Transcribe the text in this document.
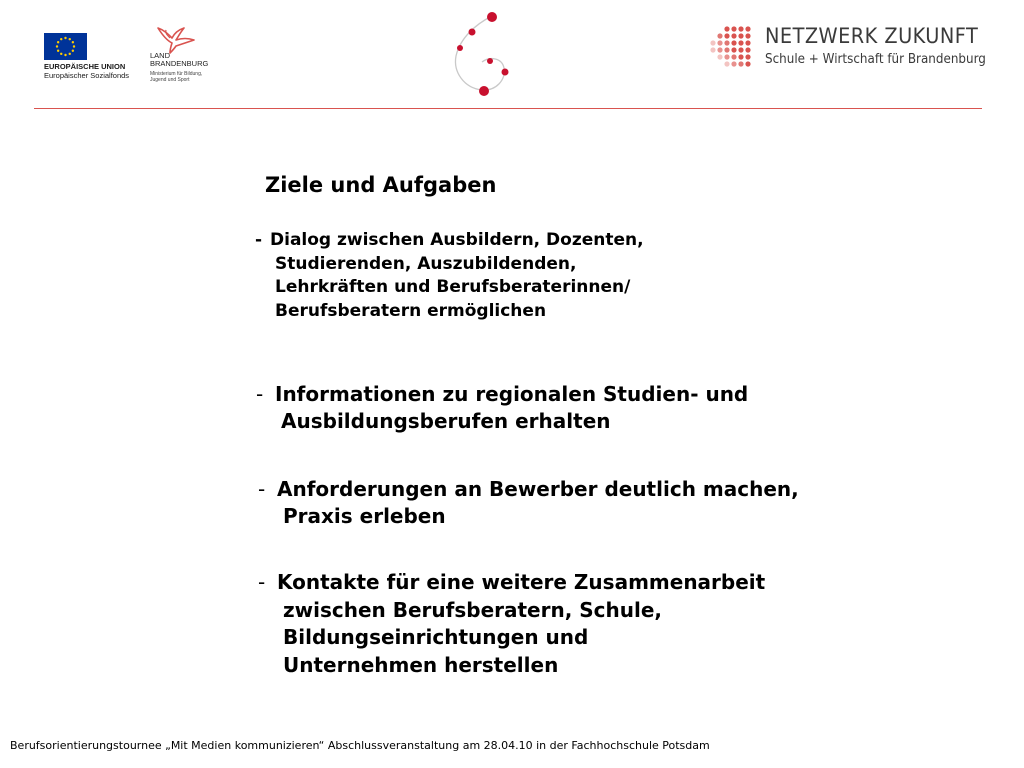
EUROPÄISCHE UNION
Europäischer Sozialfonds
LAND
BRANDENBURG
Ministerium für Bildung,
Jugend und Sport
NETZWERK ZUKUNFT
Schule + Wirtschaft für Brandenburg
Ziele und Aufgaben
- Dialog zwischen Ausbildern, Dozenten,
Studierenden, Auszubildenden,
Lehrkräften und Berufsberaterinnen/
Berufsberatern ermöglichen
- Informationen zu regionalen Studien- und
Ausbildungsberufen erhalten
- Anforderungen an Bewerber deutlich machen,
Praxis erleben
- Kontakte für eine weitere Zusammenarbeit
zwischen Berufsberatern, Schule,
Bildungseinrichtungen und
Unternehmen herstellen
Berufsorientierungstournee „Mit Medien kommunizieren“ Abschlussveranstaltung am 28.04.10 in der Fachhochschule Potsdam
